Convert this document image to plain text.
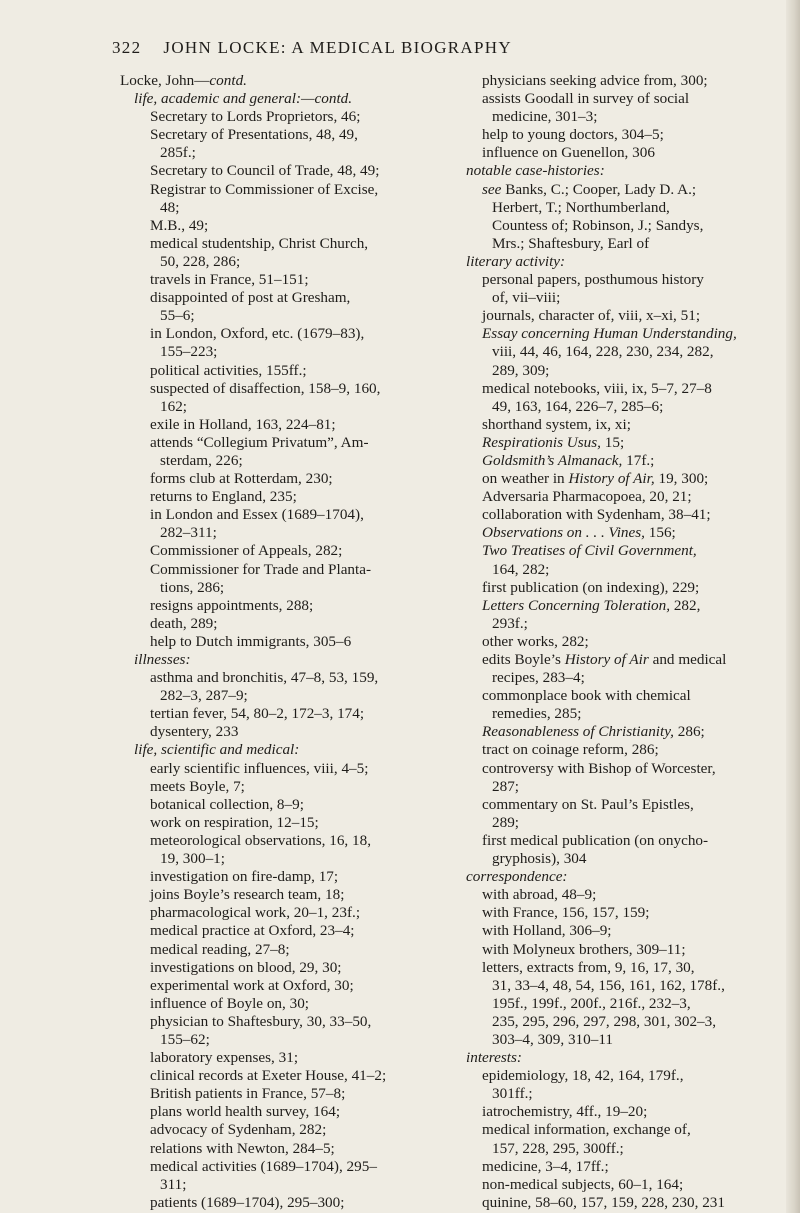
322 JOHN LOCKE: A MEDICAL BIOGRAPHY
Locke, John—contd.
life, academic and general:—contd.
Secretary to Lords Proprietors, 46;
Secretary of Presentations, 48, 49,
285f.;
Secretary to Council of Trade, 48, 49;
Registrar to Commissioner of Excise,
48;
M.B., 49;
medical studentship, Christ Church,
50, 228, 286;
travels in France, 51–151;
disappointed of post at Gresham,
55–6;
in London, Oxford, etc. (1679–83),
155–223;
political activities, 155ff.;
suspected of disaffection, 158–9, 160,
162;
exile in Holland, 163, 224–81;
attends “Collegium Privatum”, Am-
sterdam, 226;
forms club at Rotterdam, 230;
returns to England, 235;
in London and Essex (1689–1704),
282–311;
Commissioner of Appeals, 282;
Commissioner for Trade and Planta-
tions, 286;
resigns appointments, 288;
death, 289;
help to Dutch immigrants, 305–6
illnesses:
asthma and bronchitis, 47–8, 53, 159,
282–3, 287–9;
tertian fever, 54, 80–2, 172–3, 174;
dysentery, 233
life, scientific and medical:
early scientific influences, viii, 4–5;
meets Boyle, 7;
botanical collection, 8–9;
work on respiration, 12–15;
meteorological observations, 16, 18,
19, 300–1;
investigation on fire-damp, 17;
joins Boyle’s research team, 18;
pharmacological work, 20–1, 23f.;
medical practice at Oxford, 23–4;
medical reading, 27–8;
investigations on blood, 29, 30;
experimental work at Oxford, 30;
influence of Boyle on, 30;
physician to Shaftesbury, 30, 33–50,
155–62;
laboratory expenses, 31;
clinical records at Exeter House, 41–2;
British patients in France, 57–8;
plans world health survey, 164;
advocacy of Sydenham, 282;
relations with Newton, 284–5;
medical activities (1689–1704), 295–
311;
patients (1689–1704), 295–300;
physicians seeking advice from, 300;
assists Goodall in survey of social
medicine, 301–3;
help to young doctors, 304–5;
influence on Guenellon, 306
notable case-histories:
see Banks, C.; Cooper, Lady D. A.;
Herbert, T.; Northumberland,
Countess of; Robinson, J.; Sandys,
Mrs.; Shaftesbury, Earl of
literary activity:
personal papers, posthumous history
of, vii–viii;
journals, character of, viii, x–xi, 51;
Essay concerning Human Understanding,
viii, 44, 46, 164, 228, 230, 234, 282,
289, 309;
medical notebooks, viii, ix, 5–7, 27–8
49, 163, 164, 226–7, 285–6;
shorthand system, ix, xi;
Respirationis Usus, 15;
Goldsmith’s Almanack, 17f.;
on weather in History of Air, 19, 300;
Adversaria Pharmacopoea, 20, 21;
collaboration with Sydenham, 38–41;
Observations on . . . Vines, 156;
Two Treatises of Civil Government,
164, 282;
first publication (on indexing), 229;
Letters Concerning Toleration, 282,
293f.;
other works, 282;
edits Boyle’s History of Air and medical
recipes, 283–4;
commonplace book with chemical
remedies, 285;
Reasonableness of Christianity, 286;
tract on coinage reform, 286;
controversy with Bishop of Worcester,
287;
commentary on St. Paul’s Epistles,
289;
first medical publication (on onycho-
gryphosis), 304
correspondence:
with abroad, 48–9;
with France, 156, 157, 159;
with Holland, 306–9;
with Molyneux brothers, 309–11;
letters, extracts from, 9, 16, 17, 30,
31, 33–4, 48, 54, 156, 161, 162, 178f.,
195f., 199f., 200f., 216f., 232–3,
235, 295, 296, 297, 298, 301, 302–3,
303–4, 309, 310–11
interests:
epidemiology, 18, 42, 164, 179f.,
301ff.;
iatrochemistry, 4ff., 19–20;
medical information, exchange of,
157, 228, 295, 300ff.;
medicine, 3–4, 17ff.;
non-medical subjects, 60–1, 164;
quinine, 58–60, 157, 159, 228, 230, 231
